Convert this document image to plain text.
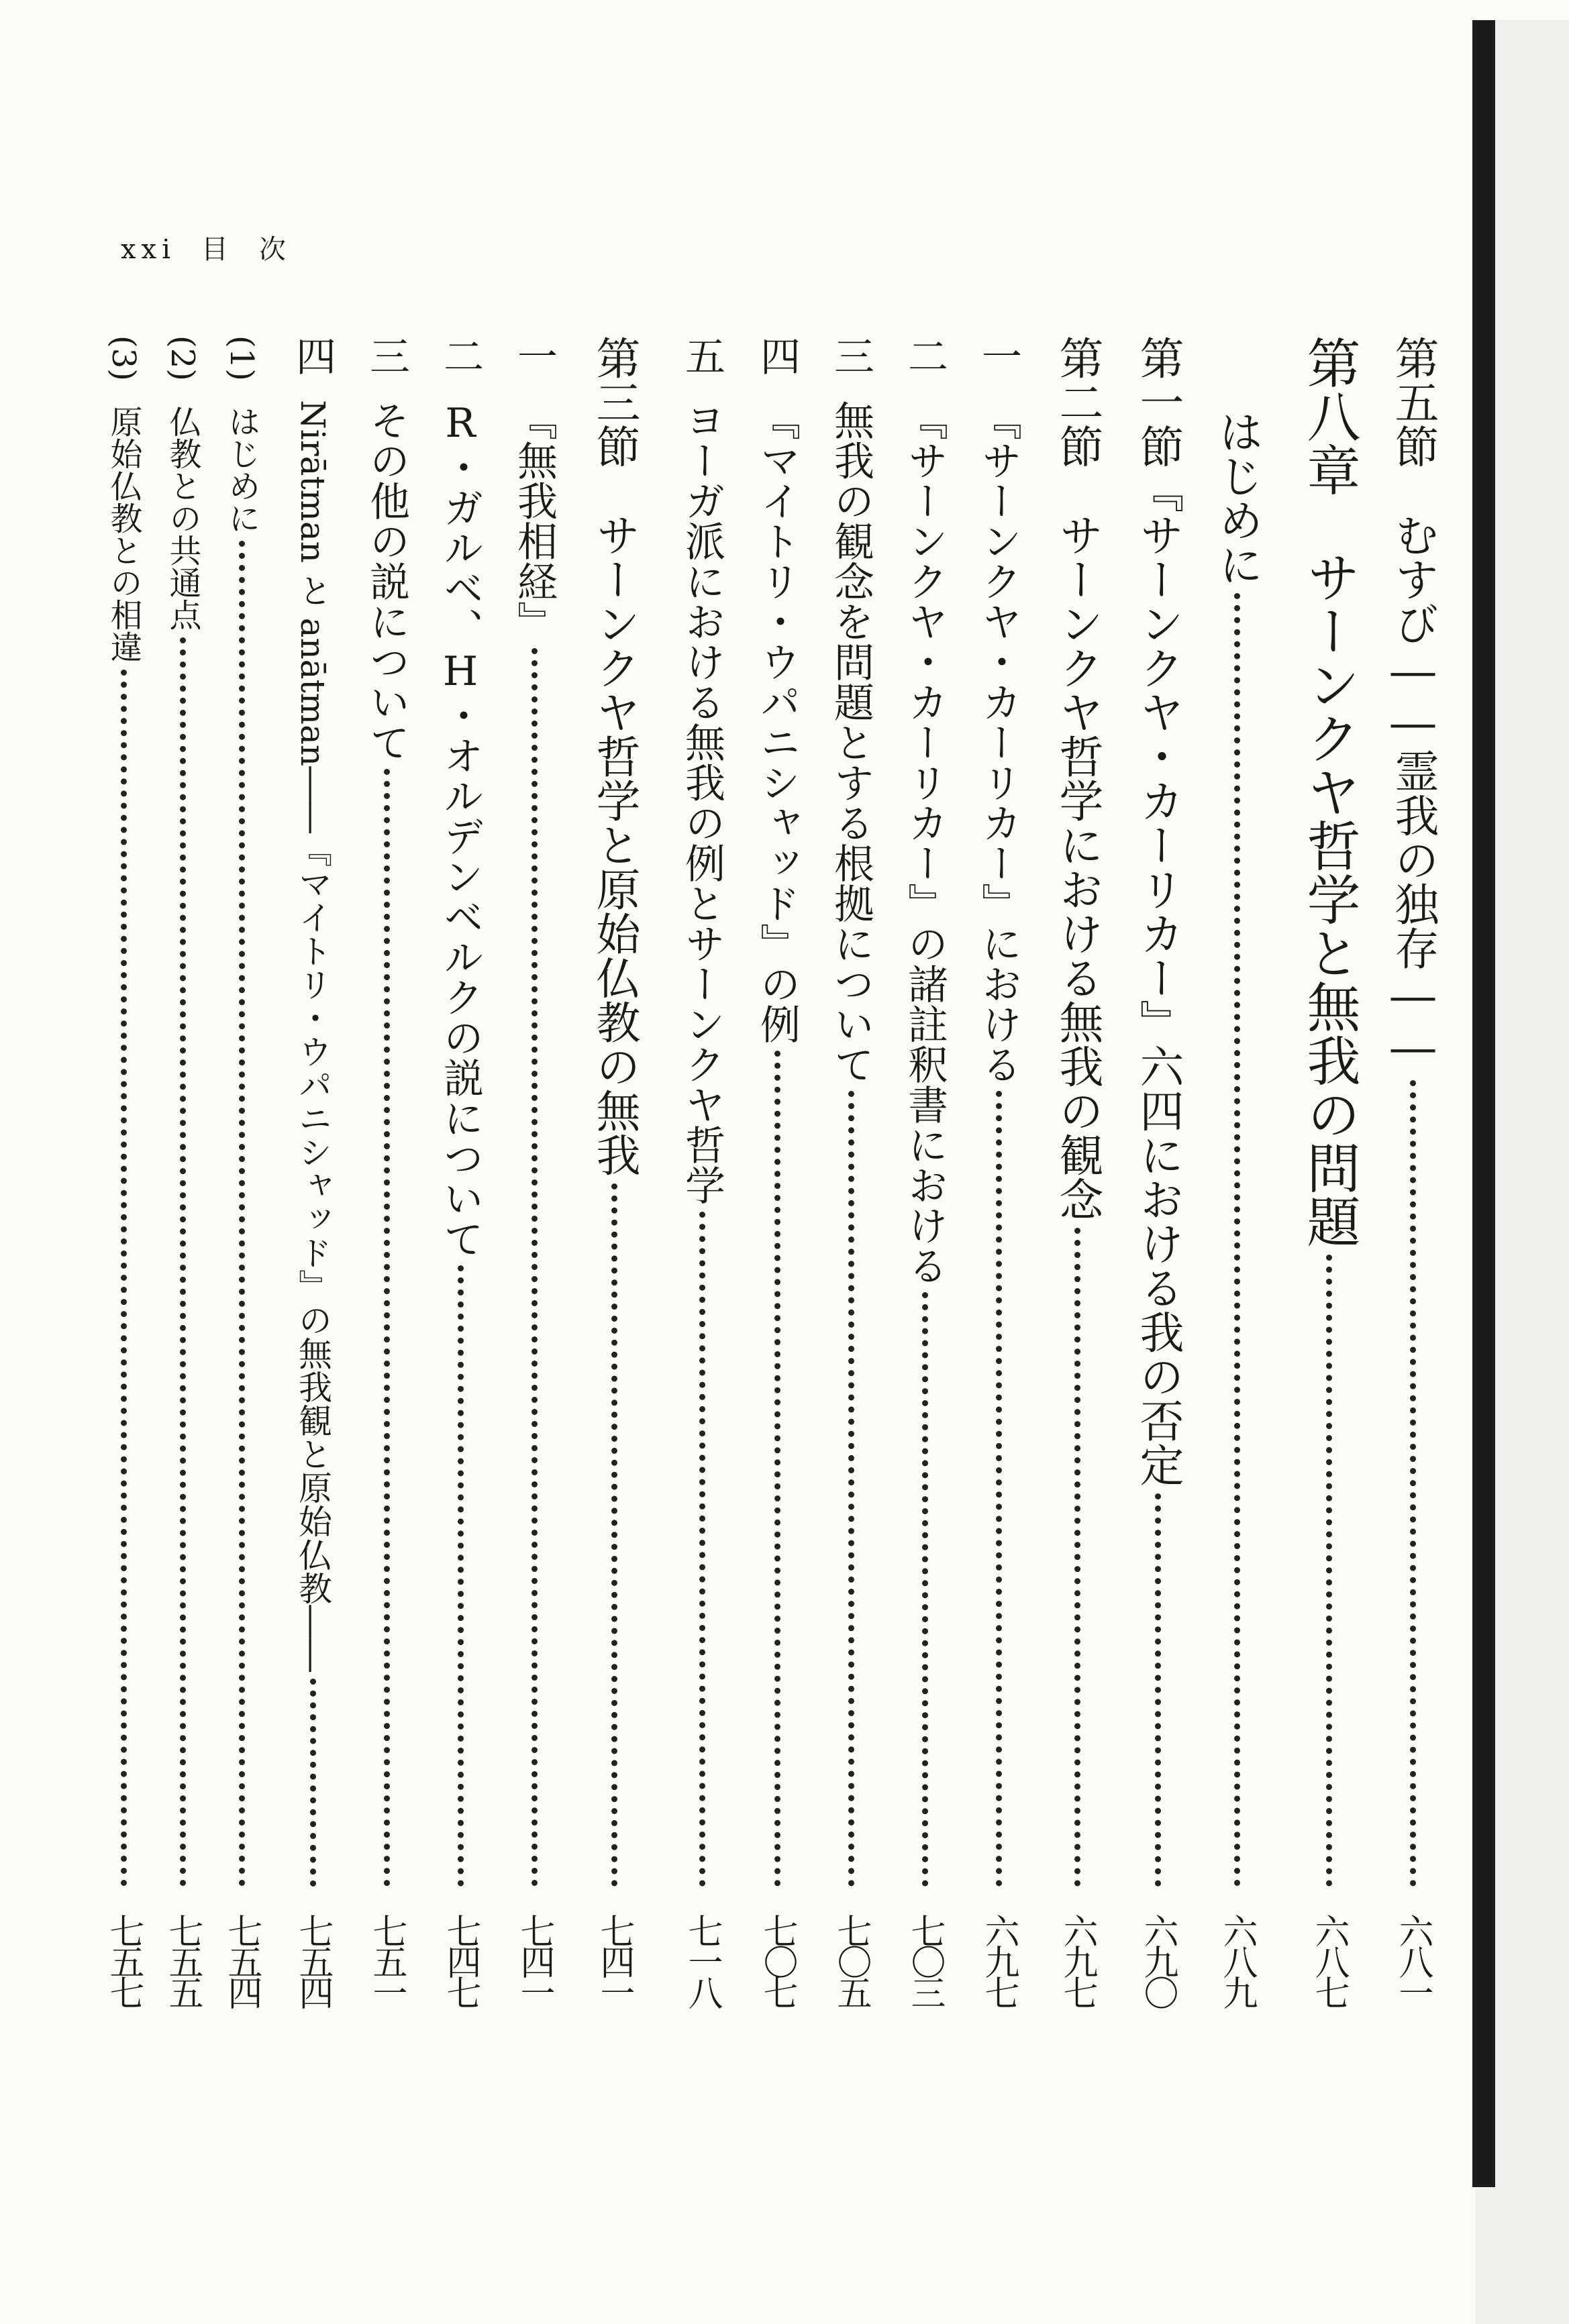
xxi 目 次
第五節　むすび――霊我の独存――
六八一
第八章　サーンクヤ哲学と無我の問題
六八七
はじめに
六八九
第一節『サーンクヤ・カーリカー』六四における我の否定
六九〇
第二節　サーンクヤ哲学における無我の観念
六九七
一
『サーンクヤ・カーリカー』における
六九七
二
『サーンクヤ・カーリカー』の諸註釈書における
七〇三
三
無我の観念を問題とする根拠について
七〇五
四
『マイトリ・ウパニシャッド』の例
七〇七
五
ヨーガ派における無我の例とサーンクヤ哲学
七一八
第三節　サーンクヤ哲学と原始仏教の無我
七四一
一
『無我相経』
七四一
二
R・ガルベ、H・オルデンベルクの説について
七四七
三
その他の説について
七五一
四
Nirātman と anātman――『マイトリ・ウパニシャッド』の無我観と原始仏教――
七五四
(1)
はじめに
七五四
(2)
仏教との共通点
七五五
(3)
原始仏教との相違
七五七
